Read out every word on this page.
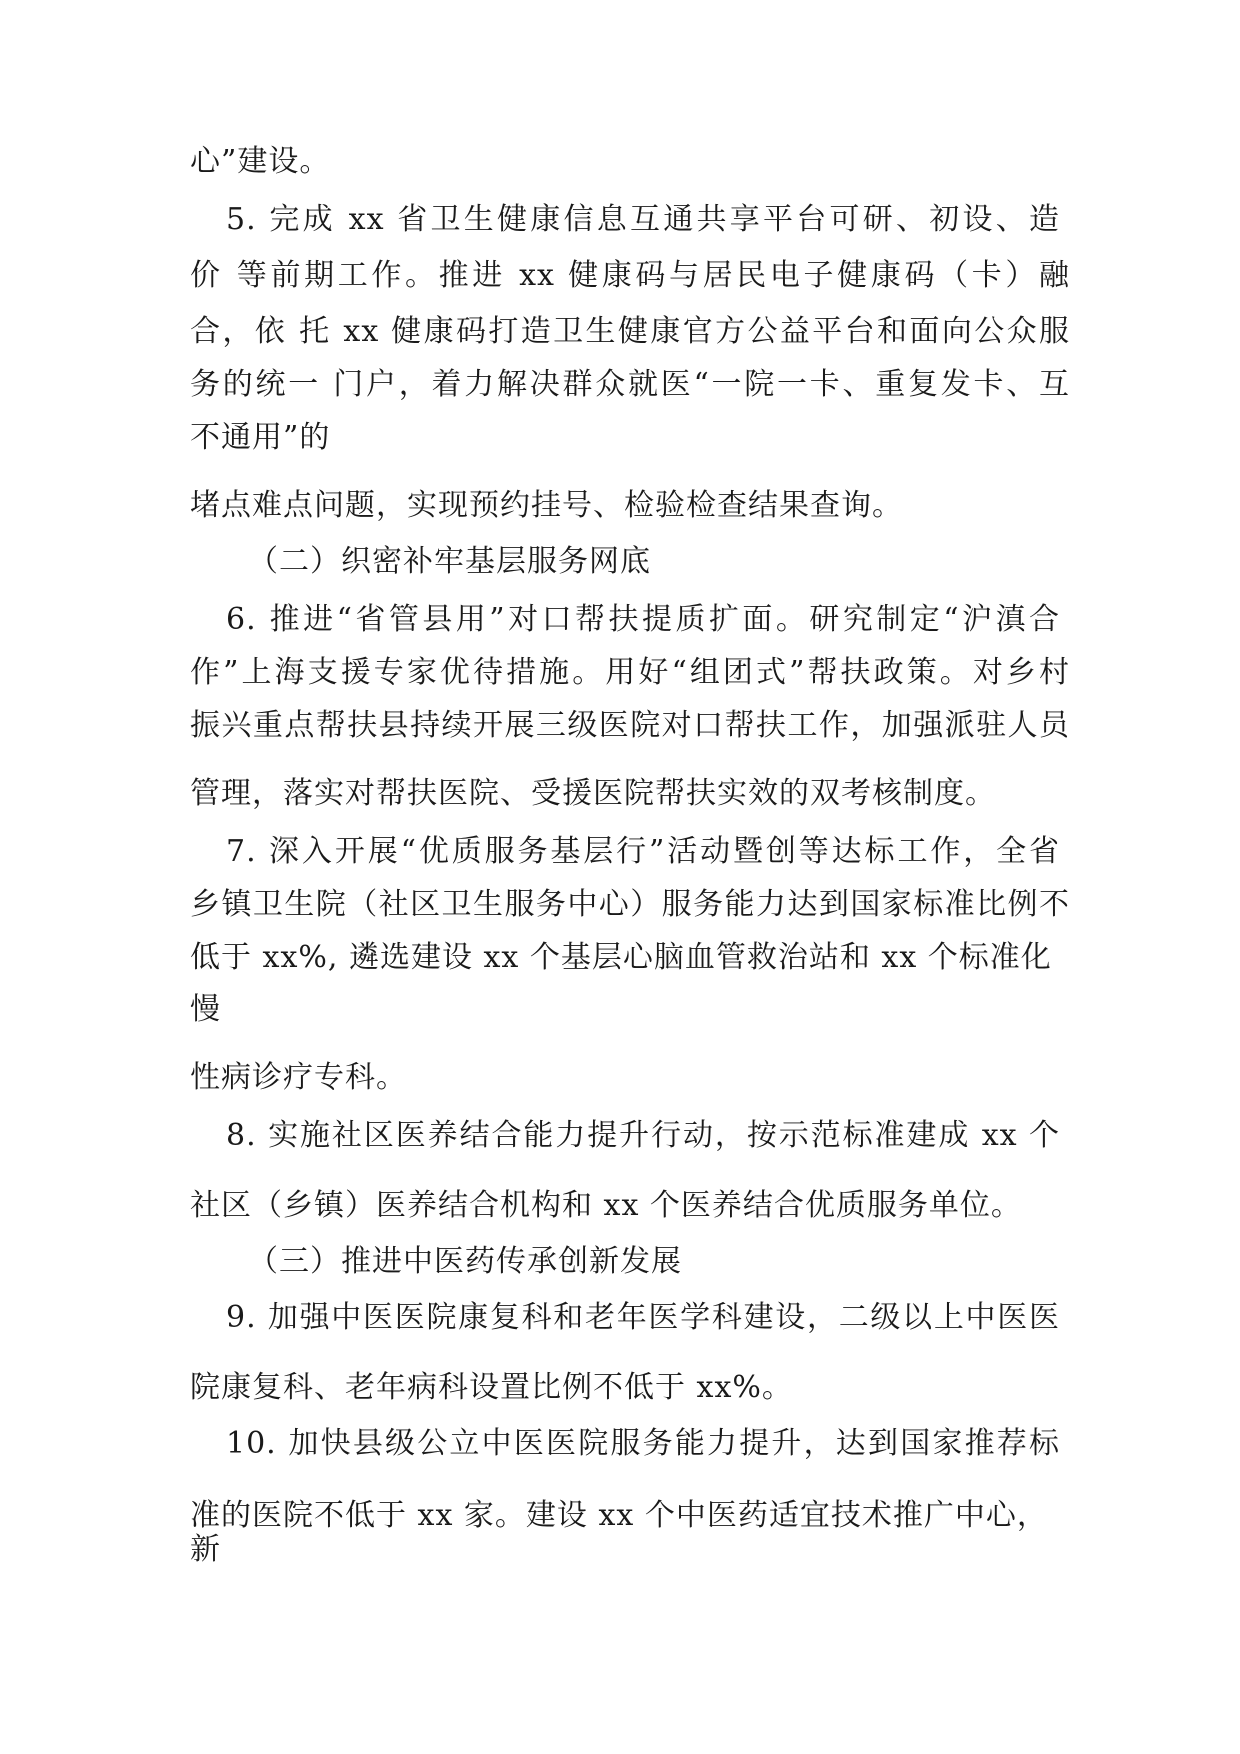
心”建设。
5. 完成 xx 省卫生健康信息互通共享平台可研、初设、造
价 等前期工作。推进 xx 健康码与居民电子健康码（卡）融
合，依 托 xx 健康码打造卫生健康官方公益平台和面向公众服
务的统一 门户，着力解决群众就医“一院一卡、重复发卡、互
不通用”的
堵点难点问题，实现预约挂号、检验检查结果查询。
（二）织密补牢基层服务网底
6. 推进“省管县用”对口帮扶提质扩面。研究制定“沪滇合
作”上海支援专家优待措施。用好“组团式”帮扶政策。对乡村
振兴重点帮扶县持续开展三级医院对口帮扶工作，加强派驻人员
管理，落实对帮扶医院、受援医院帮扶实效的双考核制度。
7. 深入开展“优质服务基层行”活动暨创等达标工作，全省
乡镇卫生院（社区卫生服务中心）服务能力达到国家标准比例不
低于 xx%, 遴选建设 xx 个基层心脑血管救治站和 xx 个标准化
慢
性病诊疗专科。
8. 实施社区医养结合能力提升行动，按示范标准建成 xx 个
社区（乡镇）医养结合机构和 xx 个医养结合优质服务单位。
（三）推进中医药传承创新发展
9. 加强中医医院康复科和老年医学科建设，二级以上中医医
院康复科、老年病科设置比例不低于 xx%。
10. 加快县级公立中医医院服务能力提升，达到国家推荐标
准的医院不低于 xx 家。建设 xx 个中医药适宜技术推广中心，
新
